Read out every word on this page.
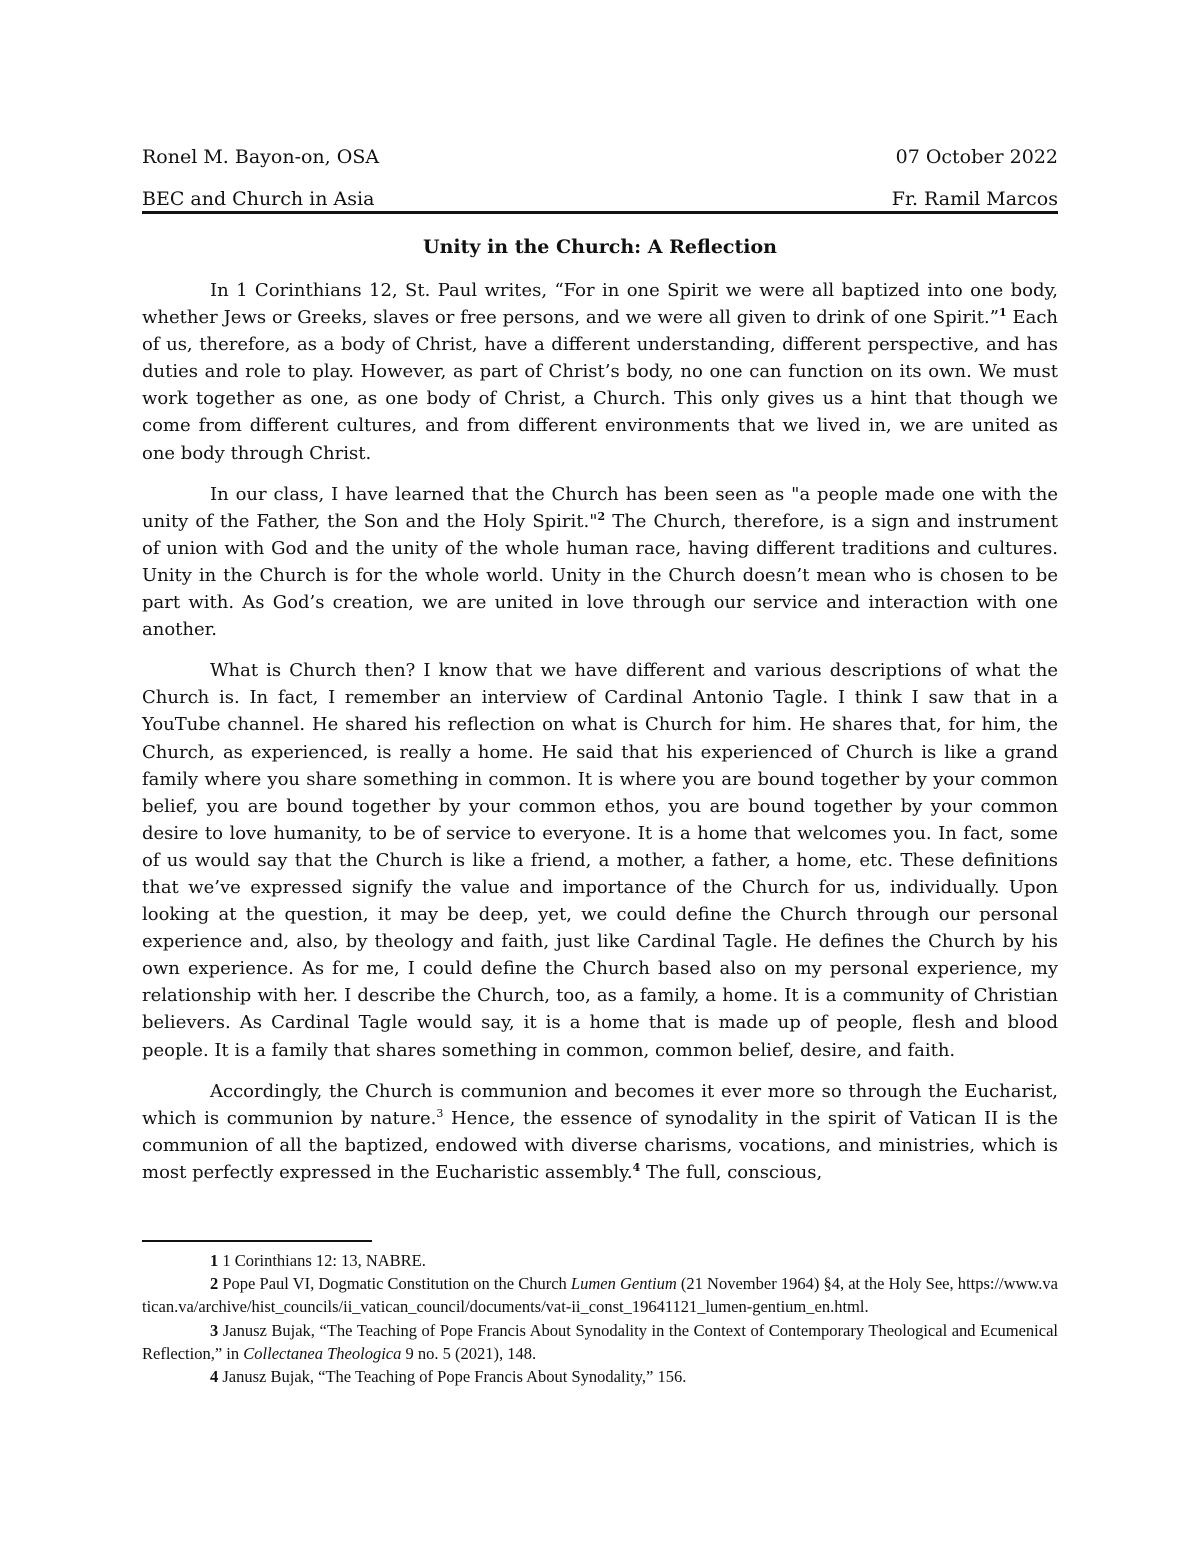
Ronel M. Bayon-on, OSA	07 October 2022
BEC and Church in Asia	Fr. Ramil Marcos
Unity in the Church: A Reflection

In 1 Corinthians 12, St. Paul writes, “For in one Spirit we were all baptized into one body, whether Jews or Greeks, slaves or free persons, and we were all given to drink of one Spirit.”$^1$ Each of us, therefore, as a body of Christ, have a different understanding, different perspective, and has duties and role to play. However, as part of Christ’s body, no one can function on its own. We must work together as one, as one body of Christ, a Church. This only gives us a hint that though we come from different cultures, and from different environments that we lived in, we are united as one body through Christ.

In our class, I have learned that the Church has been seen as "a people made one with the unity of the Father, the Son and the Holy Spirit."$^2$ The Church, therefore, is a sign and instrument of union with God and the unity of the whole human race, having different traditions and cultures. Unity in the Church is for the whole world. Unity in the Church doesn’t mean who is chosen to be part with. As God’s creation, we are united in love through our service and interaction with one another.

What is Church then? I know that we have different and various descriptions of what the Church is. In fact, I remember an interview of Cardinal Antonio Tagle. I think I saw that in a YouTube channel. He shared his reflection on what is Church for him. He shares that, for him, the Church, as experienced, is really a home. He said that his experienced of Church is like a grand family where you share something in common. It is where you are bound together by your common belief, you are bound together by your common ethos, you are bound together by your common desire to love humanity, to be of service to everyone. It is a home that welcomes you. In fact, some of us would say that the Church is like a friend, a mother, a father, a home, etc. These definitions that we’ve expressed signify the value and importance of the Church for us, individually. Upon looking at the question, it may be deep, yet, we could define the Church through our personal experience and, also, by theology and faith, just like Cardinal Tagle. He defines the Church by his own experience. As for me, I could define the Church based also on my personal experience, my relationship with her. I describe the Church, too, as a family, a home. It is a community of Christian believers. As Cardinal Tagle would say, it is a home that is made up of people, flesh and blood people. It is a family that shares something in common, common belief, desire, and faith.

Accordingly, the Church is communion and becomes it ever more so through the Eucharist, which is communion by nature.$^3$ Hence, the essence of synodality in the spirit of Vatican II is the communion of all the baptized, endowed with diverse charisms, vocations, and ministries, which is most perfectly expressed in the Eucharistic assembly.$^4$ The full, conscious,

1 1 Corinthians 12: 13, NABRE.

2 Pope Paul VI, Dogmatic Constitution on the Church Lumen Gentium (21 November 1964) §4, at the Holy See, https://www.vatican.va/archive/hist_councils/ii_vatican_council/documents/vat-ii_const_19641121_lumen-gentium_en.html.

3 Janusz Bujak, “The Teaching of Pope Francis About Synodality in the Context of Contemporary Theological and Ecumenical Reflection,” in Collectanea Theologica 9 no. 5 (2021), 148.

4 Janusz Bujak, “The Teaching of Pope Francis About Synodality,” 156.
